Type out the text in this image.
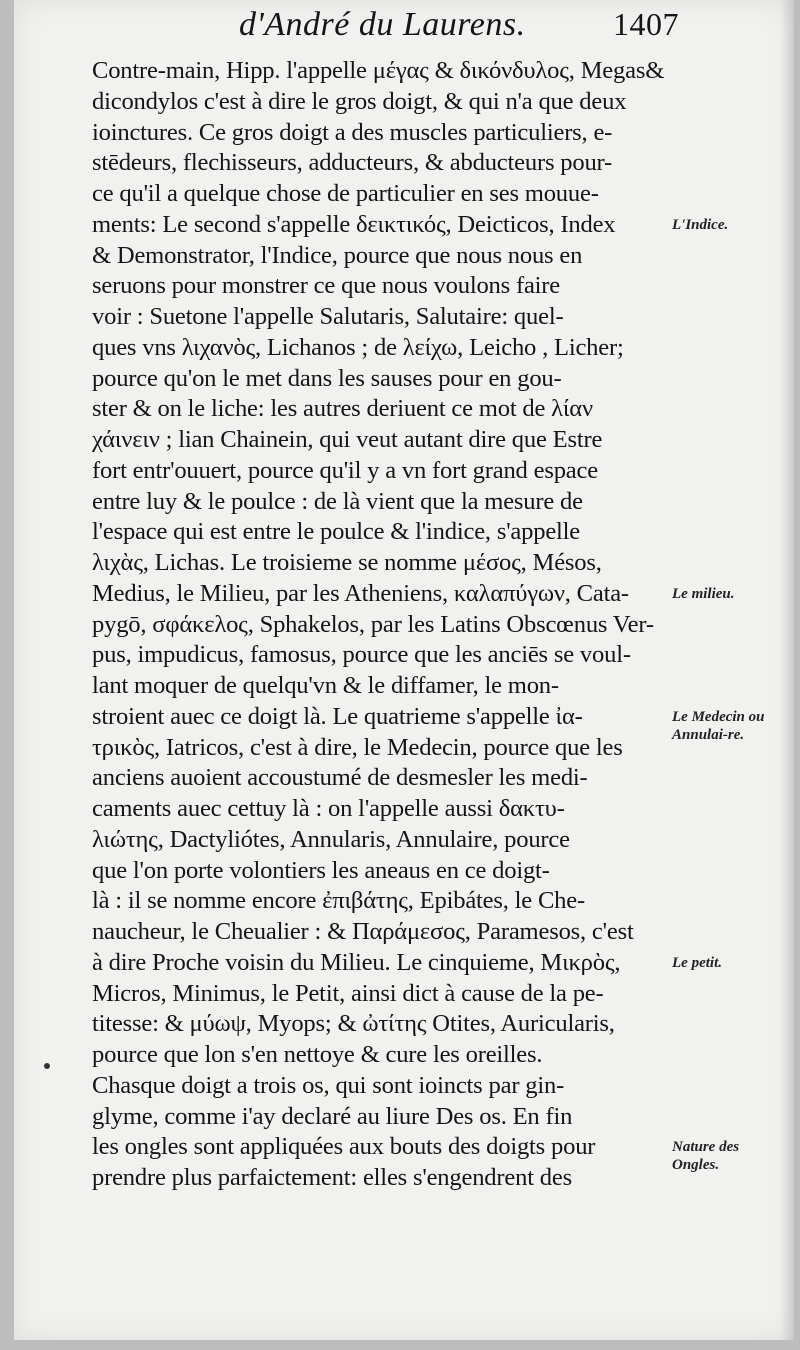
d'André du Laurens.	1407
Contre-main, Hipp. l'appelle μέγας & δικόνδυλος, Megas&
dicondylos c'est à dire le gros doigt, & qui n'a que deux
ioinctures. Ce gros doigt a des muscles particuliers, e-
stēdeurs, flechisseurs, adducteurs, & abducteurs pour-
ce qu'il a quelque chose de particulier en ses mouue-
ments: Le second s'appelle δεικτικός, Deicticos, Index
& Demonstrator, l'Indice, pource que nous nous en
seruons pour monstrer ce que nous voulons faire
voir : Suetone l'appelle Salutaris, Salutaire: quel-
ques vns λιχανὸς, Lichanos ; de λείχω, Leicho , Licher;
pource qu'on le met dans les sauses pour en gou-
ster & on le liche: les autres deriuent ce mot de λίαν
χάινειν ; lian Chainein, qui veut autant dire que Estre
fort entr'ouuert, pource qu'il y a vn fort grand espace
entre luy & le poulce : de là vient que la mesure de
l'espace qui est entre le poulce & l'indice, s'appelle
λιχὰς, Lichas. Le troisieme se nomme μέσος, Mésos,
Medius, le Milieu, par les Atheniens, καλαπύγων, Cata-
pygō, σφάκελος, Sphakelos, par les Latins Obscœnus Ver-
pus, impudicus, famosus, pource que les anciēs se voul-
lant moquer de quelqu'vn & le diffamer, le mon-
stroient auec ce doigt là. Le quatrieme s'appelle ἰα-
τρικὸς, Iatricos, c'est à dire, le Medecin, pource que les
anciens auoient accoustumé de desmesler les medi-
caments auec cettuy là : on l'appelle aussi δακτυ-
λιώτης, Dactyliótes, Annularis, Annulaire, pource
que l'on porte volontiers les aneaus en ce doigt-
là : il se nomme encore ἐπιβάτης, Epibátes, le Che-
naucheur, le Cheualier : & Παράμεσος, Paramesos, c'est
à dire Proche voisin du Milieu. Le cinquieme, Μικρὸς,
Micros, Minimus, le Petit, ainsi dict à cause de la pe-
titesse: & μύωψ, Myops; & ὠτίτης Otites, Auricularis,
pource que lon s'en nettoye & cure les oreilles.
Chasque doigt a trois os, qui sont ioincts par gin-
glyme, comme i'ay declaré au liure Des os. En fin
les ongles sont appliquées aux bouts des doigts pour
prendre plus parfaictement: elles s'engendrent des
L'Indice.
Le milieu.
Le Medecin ou Annulai-re.
Le petit.
Nature des Ongles.
